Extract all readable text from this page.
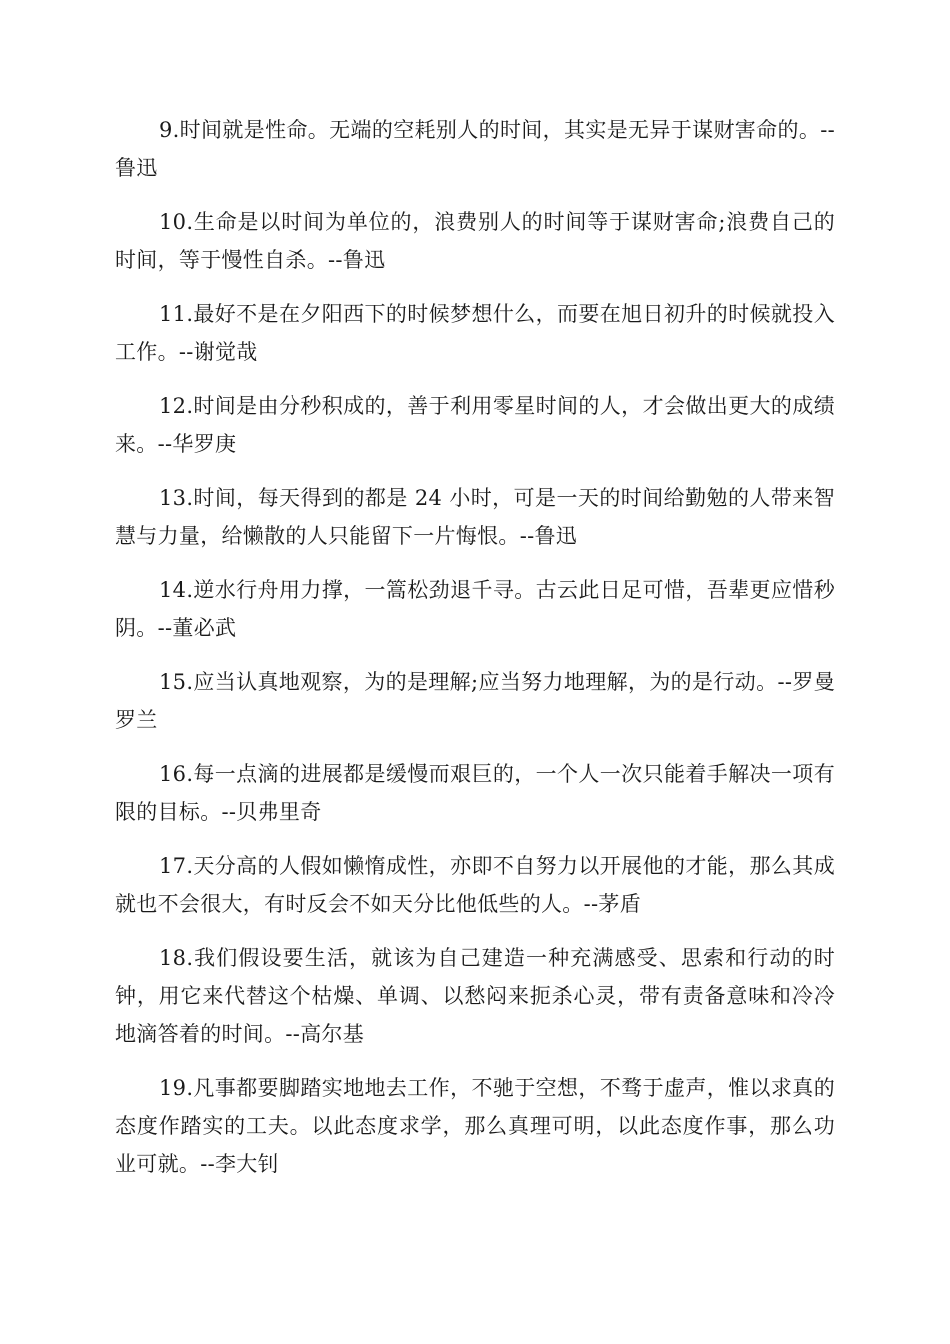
9.时间就是性命。无端的空耗别人的时间，其实是无异于谋财害命的。--鲁迅

10.生命是以时间为单位的，浪费别人的时间等于谋财害命;浪费自己的时间，等于慢性自杀。--鲁迅

11.最好不是在夕阳西下的时候梦想什么，而要在旭日初升的时候就投入工作。--谢觉哉

12.时间是由分秒积成的，善于利用零星时间的人，才会做出更大的成绩来。--华罗庚

13.时间，每天得到的都是 24 小时，可是一天的时间给勤勉的人带来智慧与力量，给懒散的人只能留下一片悔恨。--鲁迅

14.逆水行舟用力撑，一篙松劲退千寻。古云此日足可惜，吾辈更应惜秒阴。--董必武

15.应当认真地观察，为的是理解;应当努力地理解，为的是行动。--罗曼罗兰

16.每一点滴的进展都是缓慢而艰巨的，一个人一次只能着手解决一项有限的目标。--贝弗里奇

17.天分高的人假如懒惰成性，亦即不自努力以开展他的才能，那么其成就也不会很大，有时反会不如天分比他低些的人。--茅盾

18.我们假设要生活，就该为自己建造一种充满感受、思索和行动的时钟，用它来代替这个枯燥、单调、以愁闷来扼杀心灵，带有责备意味和冷冷地滴答着的时间。--高尔基

19.凡事都要脚踏实地地去工作，不驰于空想，不骛于虚声，惟以求真的态度作踏实的工夫。以此态度求学，那么真理可明，以此态度作事，那么功业可就。--李大钊
